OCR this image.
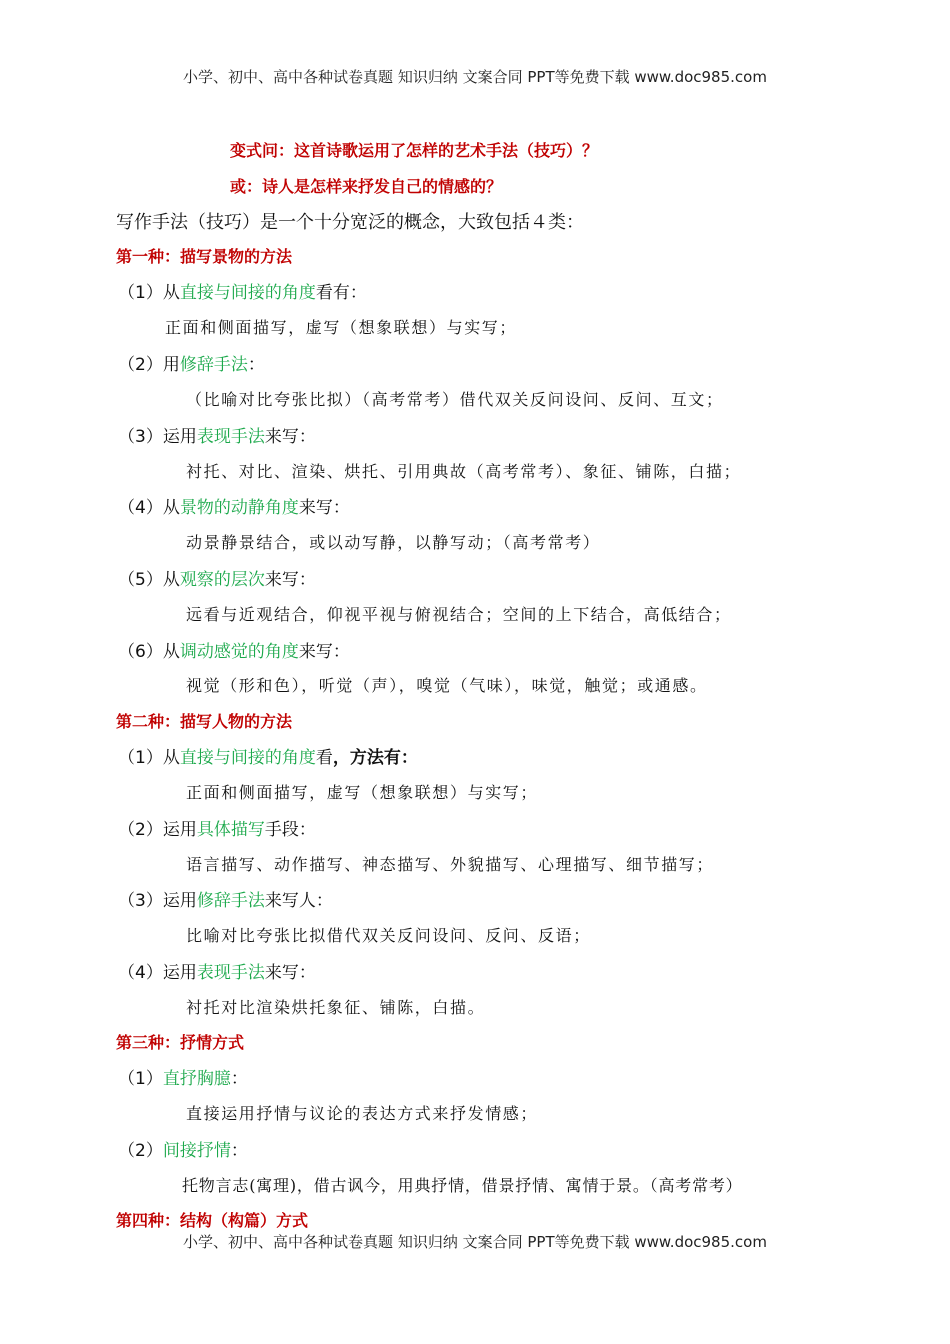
小学、初中、高中各种试卷真题 知识归纳 文案合同 PPT等免费下载 www.doc985.com
变式问：这首诗歌运用了怎样的艺术手法（技巧）？
或：诗人是怎样来抒发自己的情感的？
写作手法（技巧）是一个十分宽泛的概念，大致包括４类：
第一种：描写景物的方法
（1）从直接与间接的角度看有：
正面和侧面描写，虚写（想象联想）与实写；
（2）用修辞手法：
（比喻对比夸张比拟）（高考常考）借代双关反问设问、反问、互文；
（3）运用表现手法来写：
衬托、对比、渲染、烘托、引用典故（高考常考）、象征、铺陈，白描；
（4）从景物的动静角度来写：
动景静景结合，或以动写静，以静写动；（高考常考）
（5）从观察的层次来写：
远看与近观结合，仰视平视与俯视结合；空间的上下结合，高低结合；
（6）从调动感觉的角度来写：
视觉（形和色），听觉（声），嗅觉（气味），味觉，触觉；或通感。
第二种：描写人物的方法
（1）从直接与间接的角度看，方法有：
正面和侧面描写，虚写（想象联想）与实写；
（2）运用具体描写手段：
语言描写、动作描写、神态描写、外貌描写、心理描写、细节描写；
（3）运用修辞手法来写人：
比喻对比夸张比拟借代双关反问设问、反问、反语；
（4）运用表现手法来写：
衬托对比渲染烘托象征、铺陈，白描。
第三种：抒情方式
（1）直抒胸臆：
直接运用抒情与议论的表达方式来抒发情感；
（2）间接抒情：
托物言志(寓理)，借古讽今，用典抒情，借景抒情、寓情于景。（高考常考）
第四种：结构（构篇）方式
小学、初中、高中各种试卷真题 知识归纳 文案合同 PPT等免费下载 www.doc985.com
